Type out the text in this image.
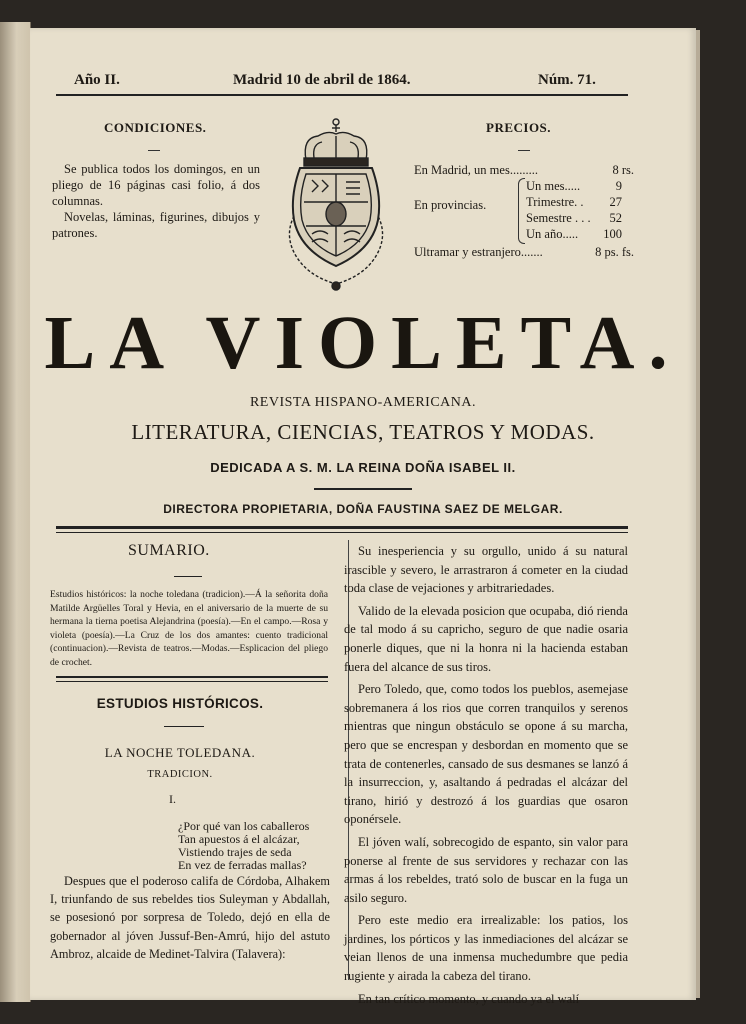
Año II.	Madrid 10 de abril de 1864.	Núm. 71.
CONDICIONES.

Se publica todos los domingos, en un pliego de 16 páginas casi folio, á dos columnas.

Novelas, láminas, figurines, dibujos y patrones.

PRECIOS.
En Madrid, un mes.........	8 rs.
En provincias.
Un mes.....	9
Trimestre. . 27
Semestre . . . 52
Un año..... 100
Ultramar y estranjero.......	8 ps. fs.
LA VIOLETA.
REVISTA HISPANO-AMERICANA.
LITERATURA, CIENCIAS, TEATROS Y MODAS.
DEDICADA A S. M. LA REINA DOÑA ISABEL II.
DIRECTORA PROPIETARIA, DOÑA FAUSTINA SAEZ DE MELGAR.
SUMARIO.
Estudios históricos: la noche toledana (tradicion).—Á la señorita doña Matilde Argüelles Toral y Hevia, en el aniversario de la muerte de su hermana la tierna poetisa Alejandrina (poesía).—En el campo.—Rosa y violeta (poesía).—La Cruz de los dos amantes: cuento tradicional (continuacion).—Revista de teatros.—Modas.—Esplicacion del pliego de crochet.
ESTUDIOS HISTÓRICOS.
LA NOCHE TOLEDANA.
TRADICION.
I.
¿Por qué van los caballeros
Tan apuestos á el alcázar,
Vistiendo trajes de seda
En vez de ferradas mallas?

Despues que el poderoso califa de Córdoba, Alhakem I, triunfando de sus rebeldes tios Suleyman y Abdallah, se posesionó por sorpresa de Toledo, dejó en ella de gobernador al jóven Jussuf-Ben-Amrú, hijo del astuto Ambroz, alcaide de Medinet-Talvira (Talavera):

Su inesperiencia y su orgullo, unido á su natural irascible y severo, le arrastraron á cometer en la ciudad toda clase de vejaciones y arbitrariedades.

Valido de la elevada posicion que ocupaba, dió rienda de tal modo á su capricho, seguro de que nadie osaria ponerle diques, que ni la honra ni la hacienda estaban fuera del alcance de sus tiros.

Pero Toledo, que, como todos los pueblos, asemejase sobremanera á los rios que corren tranquilos y serenos mientras que ningun obstáculo se opone á su marcha, pero que se encrespan y desbordan en momento que se trata de contenerles, cansado de sus desmanes se lanzó á la insurreccion, y, asaltando á pedradas el alcázar del tirano, hirió y destrozó á los guardias que osaron oponérsele.

El jóven walí, sobrecogido de espanto, sin valor para ponerse al frente de sus servidores y rechazar con las armas á los rebeldes, trató solo de buscar en la fuga un asilo seguro.

Pero este medio era irrealizable: los patios, los jardines, los pórticos y las inmediaciones del alcázar se veian llenos de una inmensa muchedumbre que pedia rugiente y airada la cabeza del tirano.

En tan crítico momento, y cuando ya el walí
